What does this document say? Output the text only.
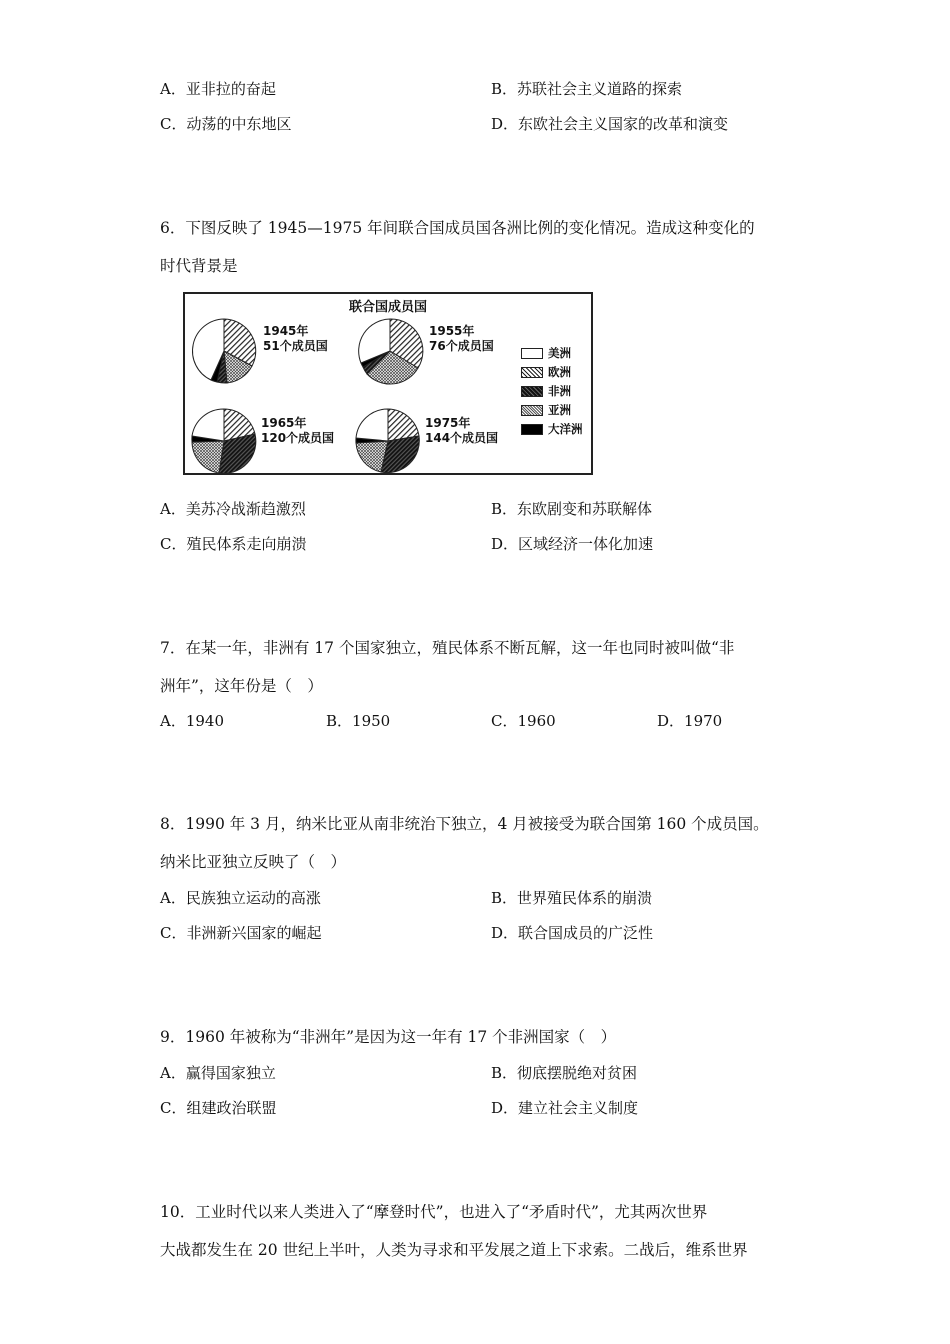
A．亚非拉的奋起	B．苏联社会主义道路的探索
C．动荡的中东地区	D．东欧社会主义国家的改革和演变
6．下图反映了 1945—1975 年间联合国成员国各洲比例的变化情况。造成这种变化的
时代背景是
联合国成员国
1945年
51个成员国
1955年
76个成员国
1965年
120个成员国
1975年
144个成员国
美洲
欧洲
非洲
亚洲
大洋洲
A．美苏冷战渐趋激烈	B．东欧剧变和苏联解体
C．殖民体系走向崩溃	D．区域经济一体化加速
7．在某一年，非洲有 17 个国家独立，殖民体系不断瓦解，这一年也同时被叫做“非
洲年”，这年份是（　）
A．1940	B．1950	C．1960	D．1970
8．1990 年 3 月，纳米比亚从南非统治下独立，4 月被接受为联合国第 160 个成员国。
纳米比亚独立反映了（　）
A．民族独立运动的高涨	B．世界殖民体系的崩溃
C．非洲新兴国家的崛起	D．联合国成员的广泛性
9．1960 年被称为“非洲年”是因为这一年有 17 个非洲国家（　）
A．赢得国家独立	B．彻底摆脱绝对贫困
C．组建政治联盟	D．建立社会主义制度
10．工业时代以来人类进入了“摩登时代”，也进入了“矛盾时代”，尤其两次世界
大战都发生在 20 世纪上半叶，人类为寻求和平发展之道上下求索。二战后，维系世界
